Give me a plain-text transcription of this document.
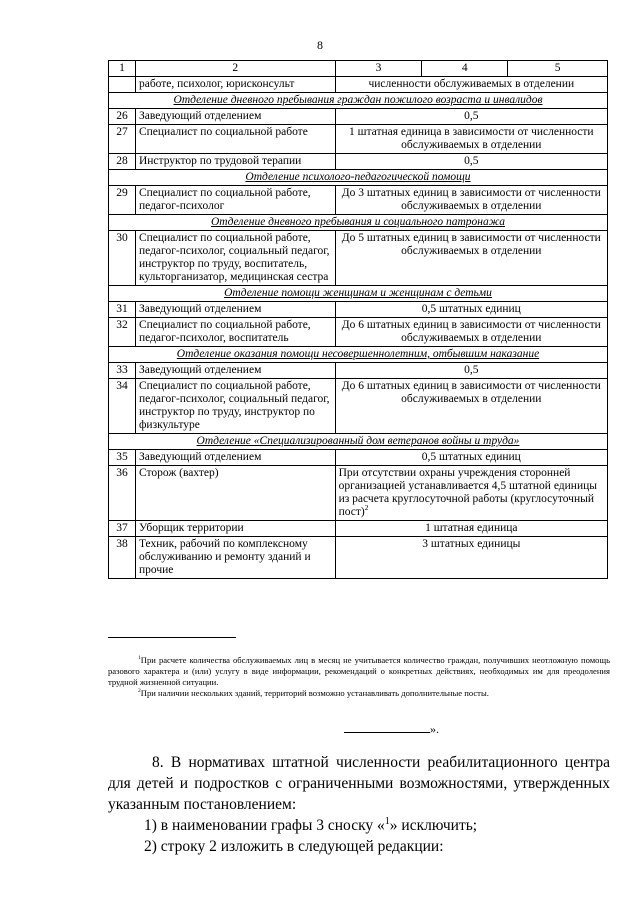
8
1	2	3	4	5
	работе, психолог, юрисконсульт	численности обслуживаемых в отделении		
Отделение дневного пребывания граждан пожилого возраста и инвалидов				
26	Заведующий отделением	0,5		
27	Специалист по социальной работе	1 штатная единица в зависимости от численности обслуживаемых в отделении		
28	Инструктор по трудовой терапии	0,5		
Отделение психолого-педагогической помощи				
29	Специалист по социальной работе, педагог-психолог	До 3 штатных единиц в зависимости от численности обслуживаемых в отделении		
Отделение дневного пребывания и социального патронажа				
30	Специалист по социальной работе, педагог-психолог, социальный педагог, инструктор по труду, воспитатель, культорганизатор, медицинская сестра	До 5 штатных единиц в зависимости от численности обслуживаемых в отделении		
Отделение помощи женщинам и женщинам с детьми				
31	Заведующий отделением	0,5 штатных единиц		
32	Специалист по социальной работе, педагог-психолог, воспитатель	До 6 штатных единиц в зависимости от численности обслуживаемых в отделении		
Отделение оказания помощи несовершеннолетним, отбывшим наказание				
33	Заведующий отделением	0,5		
34	Специалист по социальной работе, педагог-психолог, социальный педагог, инструктор по труду, инструктор по физкультуре	До 6 штатных единиц в зависимости от численности обслуживаемых в отделении		
Отделение «Специализированный дом ветеранов войны и труда»				
35	Заведующий отделением	0,5 штатных единиц		
36	Сторож (вахтер)	При отсутствии охраны учреждения сторонней организацией устанавливается 4,5 штатной единицы из расчета круглосуточной работы (круглосуточный пост)$^2$
37	Уборщик территории	1 штатная единица		
38	Техник, рабочий по комплексному обслуживанию и ремонту зданий и прочие	3 штатных единицы		

$^1$При расчете количества обслуживаемых лиц в месяц не учитывается количество граждан, получивших неотложную помощь разового характера и (или) услугу в виде информации, рекомендаций о конкретных действиях, необходимых им для преодоления трудной жизненной ситуации.

$^2$При наличии нескольких зданий, территорий возможно устанавливать дополнительные посты.

».

8. В нормативах штатной численности реабилитационного центра для детей и подростков с ограниченными возможностями, утвержденных указанным постановлением:

1) в наименовании графы 3 сноску «$^1$» исключить;

2) строку 2 изложить в следующей редакции:
